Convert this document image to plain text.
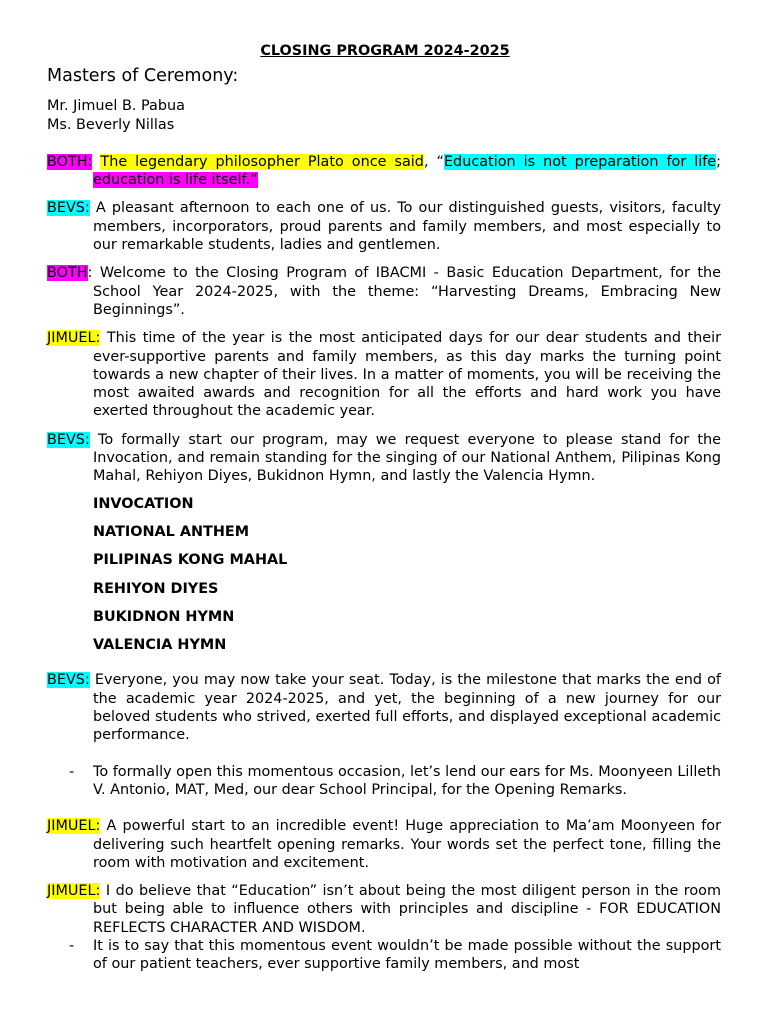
CLOSING PROGRAM 2024-2025
Masters of Ceremony:
Mr. Jimuel B. Pabua
Ms. Beverly Nillas

BOTH: The legendary philosopher Plato once said, “Education is not preparation for life; education is life itself.”

BEVS: A pleasant afternoon to each one of us. To our distinguished guests, visitors, faculty members, incorporators, proud parents and family members, and most especially to our remarkable students, ladies and gentlemen.

BOTH: Welcome to the Closing Program of IBACMI - Basic Education Department, for the School Year 2024-2025, with the theme: “Harvesting Dreams, Embracing New Beginnings”.

JIMUEL: This time of the year is the most anticipated days for our dear students and their ever-supportive parents and family members, as this day marks the turning point towards a new chapter of their lives. In a matter of moments, you will be receiving the most awaited awards and recognition for all the efforts and hard work you have exerted throughout the academic year.

BEVS: To formally start our program, may we request everyone to please stand for the Invocation, and remain standing for the singing of our National Anthem, Pilipinas Kong Mahal, Rehiyon Diyes, Bukidnon Hymn, and lastly the Valencia Hymn.

INVOCATION
NATIONAL ANTHEM
PILIPINAS KONG MAHAL
REHIYON DIYES
BUKIDNON HYMN
VALENCIA HYMN

BEVS: Everyone, you may now take your seat. Today, is the milestone that marks the end of the academic year 2024-2025, and yet, the beginning of a new journey for our beloved students who strived, exerted full efforts, and displayed exceptional academic performance.

- To formally open this momentous occasion, let’s lend our ears for Ms. Moonyeen Lilleth V. Antonio, MAT, Med, our dear School Principal, for the Opening Remarks.

JIMUEL: A powerful start to an incredible event! Huge appreciation to Ma’am Moonyeen for delivering such heartfelt opening remarks. Your words set the perfect tone, filling the room with motivation and excitement.

JIMUEL: I do believe that “Education” isn’t about being the most diligent person in the room but being able to influence others with principles and discipline - FOR EDUCATION REFLECTS CHARACTER AND WISDOM.

- It is to say that this momentous event wouldn’t be made possible without the support of our patient teachers, ever supportive family members, and most
